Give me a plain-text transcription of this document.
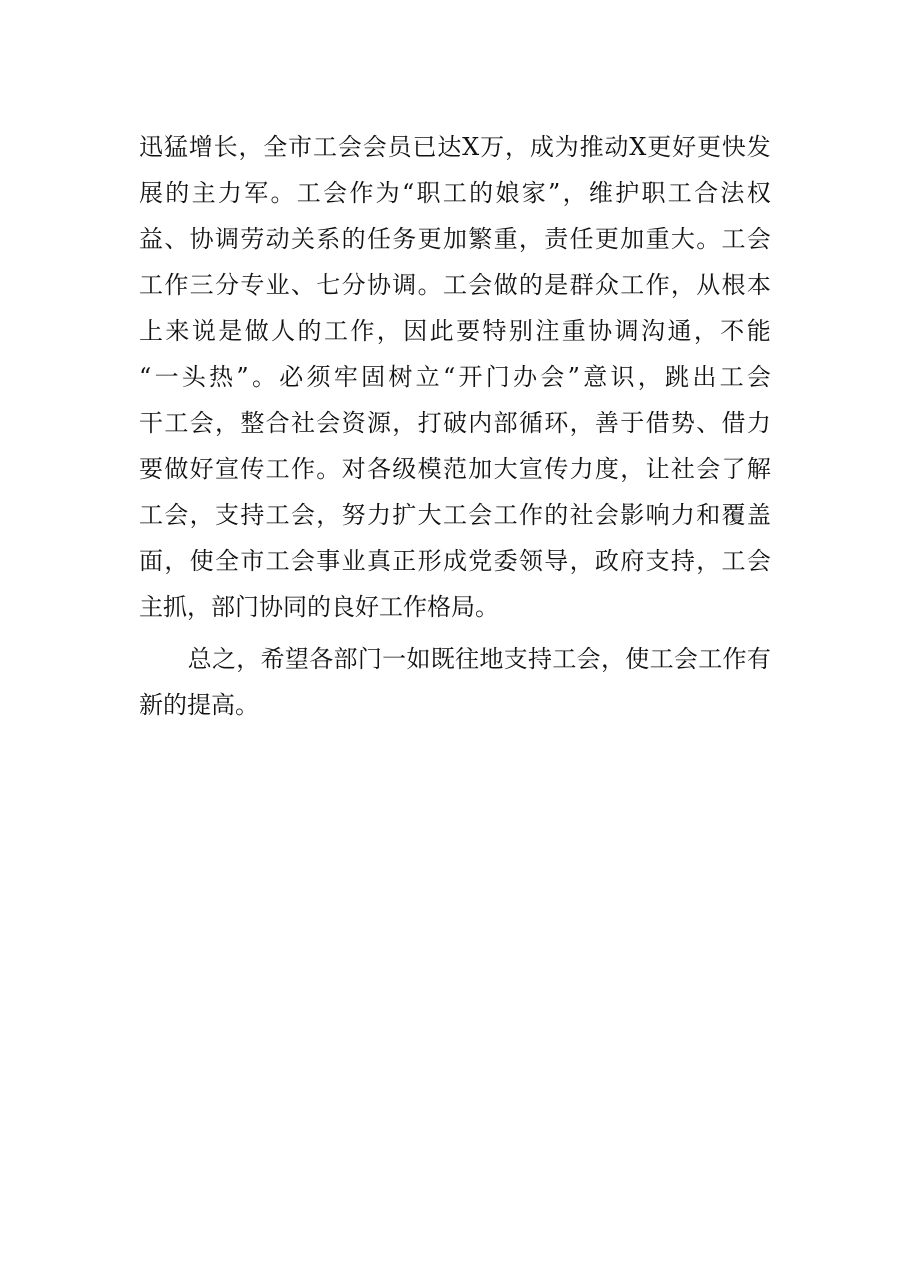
迅 猛 增 长 ， 全 市 工 会 会 员 已 达 X 万 ， 成 为 推 动 X 更 好 更 快 发
展 的 主 力 军 。 工 会 作 为 “ 职 工 的 娘 家 ” ， 维 护 职 工 合 法 权
益 、 协 调 劳 动 关 系 的 任 务 更 加 繁 重 ， 责 任 更 加 重 大 。 工 会
工 作 三 分 专 业 、 七 分 协 调 。 工 会 做 的 是 群 众 工 作 ， 从 根 本
上 来 说 是 做 人 的 工 作 ， 因 此 要 特 别 注 重 协 调 沟 通 ， 不 能
“ 一 头 热 ” 。 必 须 牢 固 树 立 “ 开 门 办 会 ” 意 识 ， 跳 出 工 会
干 工 会 ， 整 合 社 会 资 源 ， 打 破 内 部 循 环 ， 善 于 借 势 、 借 力
要 做 好 宣 传 工 作 。 对 各 级 模 范 加 大 宣 传 力 度 ， 让 社 会 了 解
工 会 ， 支 持 工 会 ， 努 力 扩 大 工 会 工 作 的 社 会 影 响 力 和 覆 盖
面 ， 使 全 市 工 会 事 业 真 正 形 成 党 委 领 导 ， 政 府 支 持 ， 工 会
主抓，部门协同的良好工作格局。

总 之 ， 希 望 各 部 门 一 如 既 往 地 支 持 工 会 ， 使 工 会 工 作 有
新的提高。
